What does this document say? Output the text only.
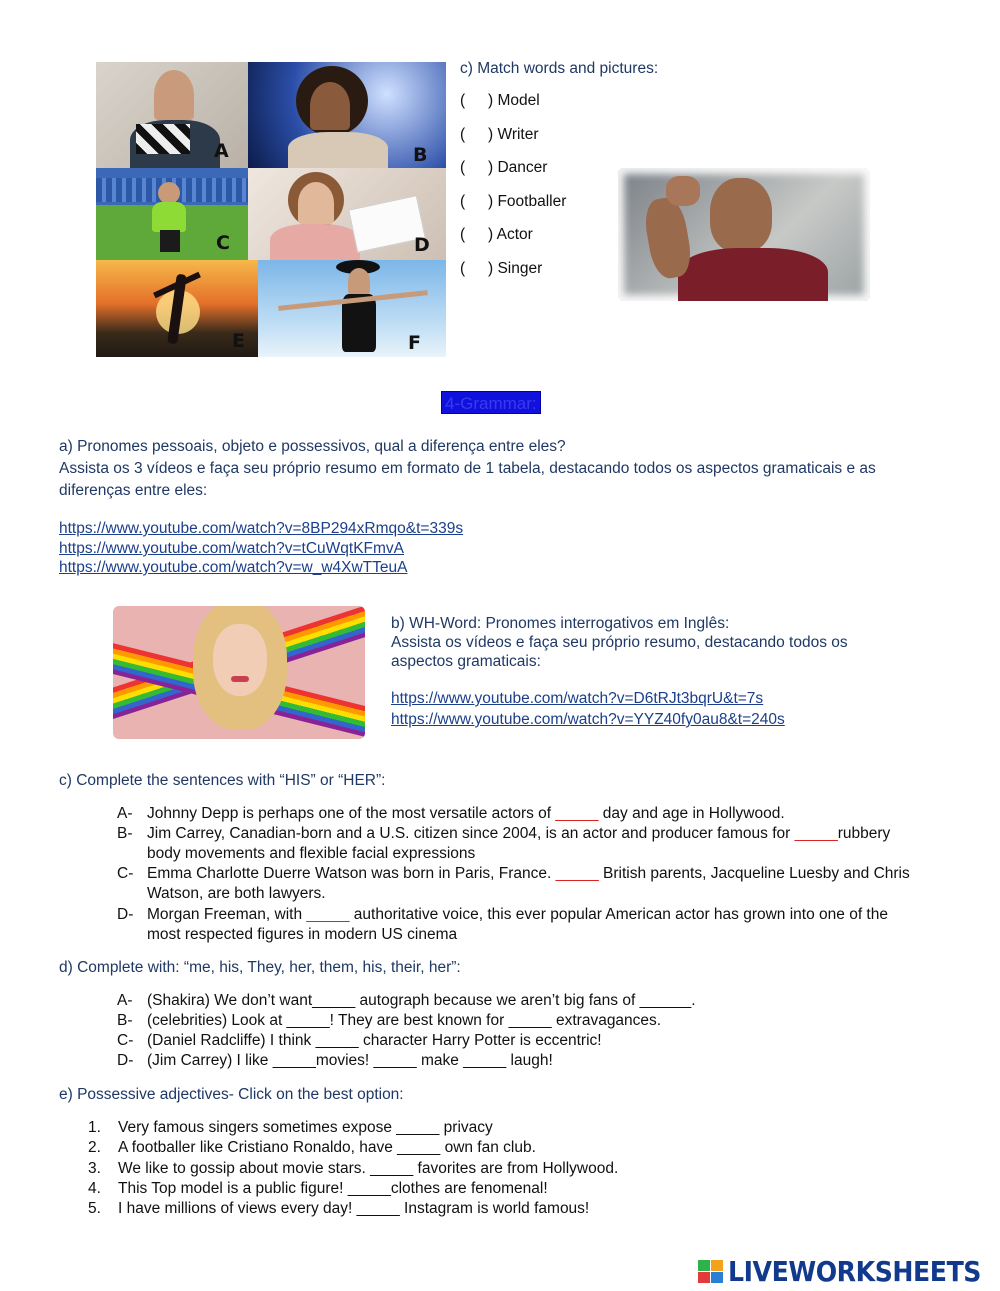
A	B
C	D
E	F
c) Match words and pictures:
( ) Model
( ) Writer
( ) Dancer
( ) Footballer
( ) Actor
( ) Singer
4-Grammar:
a) Pronomes pessoais, objeto e possessivos, qual a diferença entre eles?
Assista os 3 vídeos e faça seu próprio resumo em formato de 1 tabela, destacando todos os aspectos gramaticais e as
diferenças entre eles:
https://www.youtube.com/watch?v=8BP294xRmqo&t=339s
https://www.youtube.com/watch?v=tCuWqtKFmvA
https://www.youtube.com/watch?v=w_w4XwTTeuA
b) WH-Word: Pronomes interrogativos em Inglês:
Assista os vídeos e faça seu próprio resumo, destacando todos os
aspectos gramaticais:
https://www.youtube.com/watch?v=D6tRJt3bqrU&t=7s
https://www.youtube.com/watch?v=YYZ40fy0au8&t=240s
c) Complete the sentences with “HIS” or “HER”:
A- Johnny Depp is perhaps one of the most versatile actors of _____ day and age in Hollywood.
B- Jim Carrey, Canadian-born and a U.S. citizen since 2004, is an actor and producer famous for _____rubbery
body movements and flexible facial expressions
C- Emma Charlotte Duerre Watson was born in Paris, France. _____ British parents, Jacqueline Luesby and Chris
Watson, are both lawyers.
D- Morgan Freeman, with _____ authoritative voice, this ever popular American actor has grown into one of the
most respected figures in modern US cinema
d) Complete with: “me, his, They, her, them, his, their, her”:
A- (Shakira) We don’t want_____ autograph because we aren’t big fans of ______.
B- (celebrities) Look at _____! They are best known for _____ extravagances.
C- (Daniel Radcliffe) I think _____ character Harry Potter is eccentric!
D- (Jim Carrey) I like _____movies! _____ make _____ laugh!
e) Possessive adjectives- Click on the best option:
1.	Very famous singers sometimes expose _____ privacy
2.	A footballer like Cristiano Ronaldo, have _____ own fan club.
3.	We like to gossip about movie stars. _____ favorites are from Hollywood.
4.	This Top model is a public figure! _____clothes are fenomenal!
5.	I have millions of views every day! _____ Instagram is world famous!
LIVEWORKSHEETS
